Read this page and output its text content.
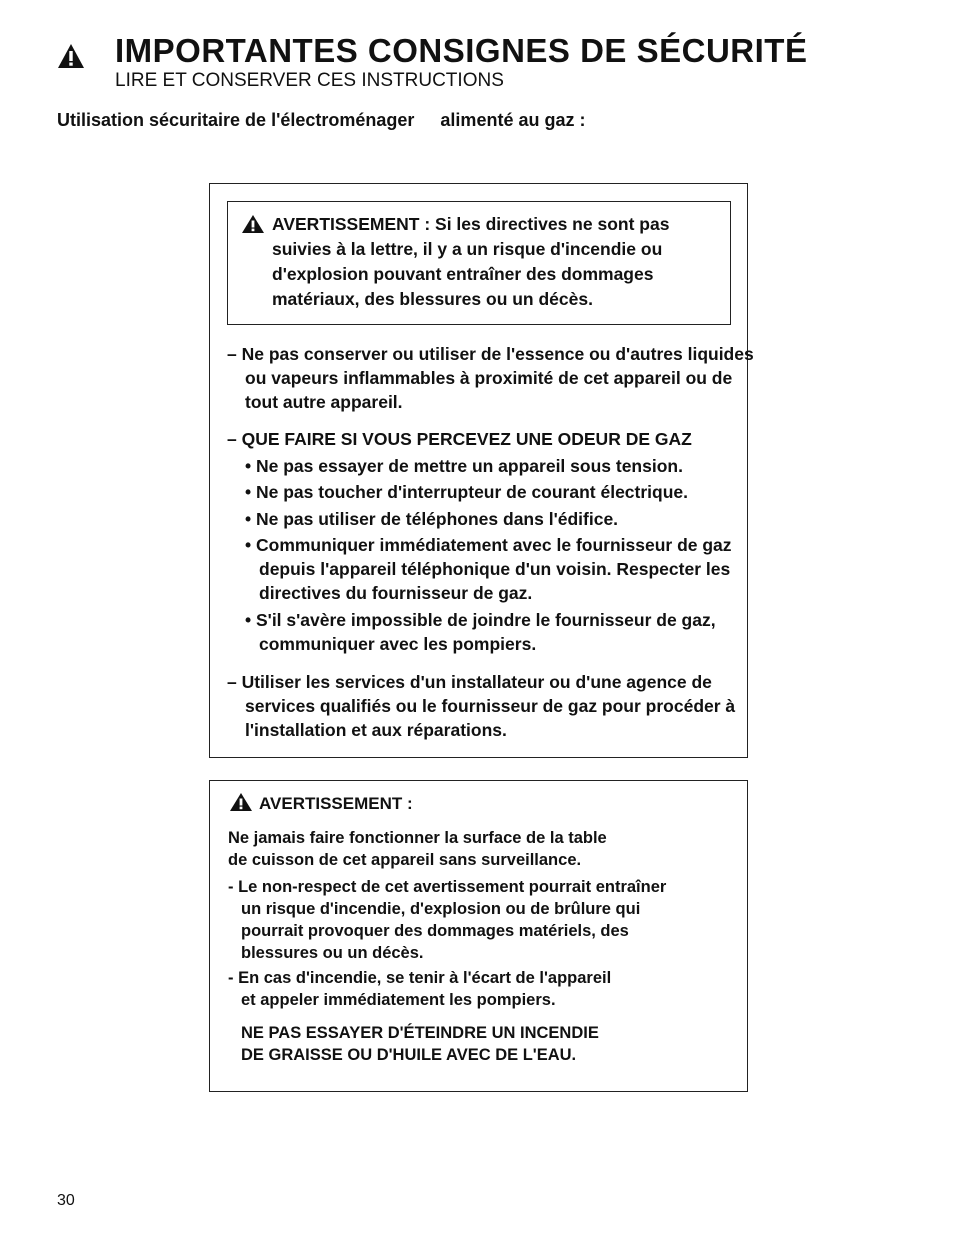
IMPORTANTES CONSIGNES DE SÉCURITÉ
LIRE ET CONSERVER CES INSTRUCTIONS
Utilisation sécuritaire de l'électroménager alimenté au gaz :
AVERTISSEMENT : Si les directives ne sont pas suivies à la lettre, il y a un risque d'incendie ou d'explosion pouvant entraîner des dommages matériaux, des blessures ou un décès.
– Ne pas conserver ou utiliser de l'essence ou d'autres liquides ou vapeurs inflammables à proximité de cet appareil ou de tout autre appareil.
– QUE FAIRE SI VOUS PERCEVEZ UNE ODEUR DE GAZ
• Ne pas essayer de mettre un appareil sous tension.
• Ne pas toucher d'interrupteur de courant électrique.
• Ne pas utiliser de téléphones dans l'édifice.
• Communiquer immédiatement avec le fournisseur de gaz depuis l'appareil téléphonique d'un voisin. Respecter les directives du fournisseur de gaz.
• S'il s'avère impossible de joindre le fournisseur de gaz, communiquer avec les pompiers.
– Utiliser les services d'un installateur ou d'une agence de services qualifiés ou le fournisseur de gaz pour procéder à l'installation et aux réparations.
AVERTISSEMENT :
Ne jamais faire fonctionner la surface de la table
de cuisson de cet appareil sans surveillance.
- Le non-respect de cet avertissement pourrait entraîner
un risque d'incendie, d'explosion ou de brûlure qui
pourrait provoquer des dommages matériels, des
blessures ou un décès.
- En cas d'incendie, se tenir à l'écart de l'appareil
et appeler immédiatement les pompiers.
NE PAS ESSAYER D'ÉTEINDRE UN INCENDIE
DE GRAISSE OU D'HUILE AVEC DE L'EAU.
30
